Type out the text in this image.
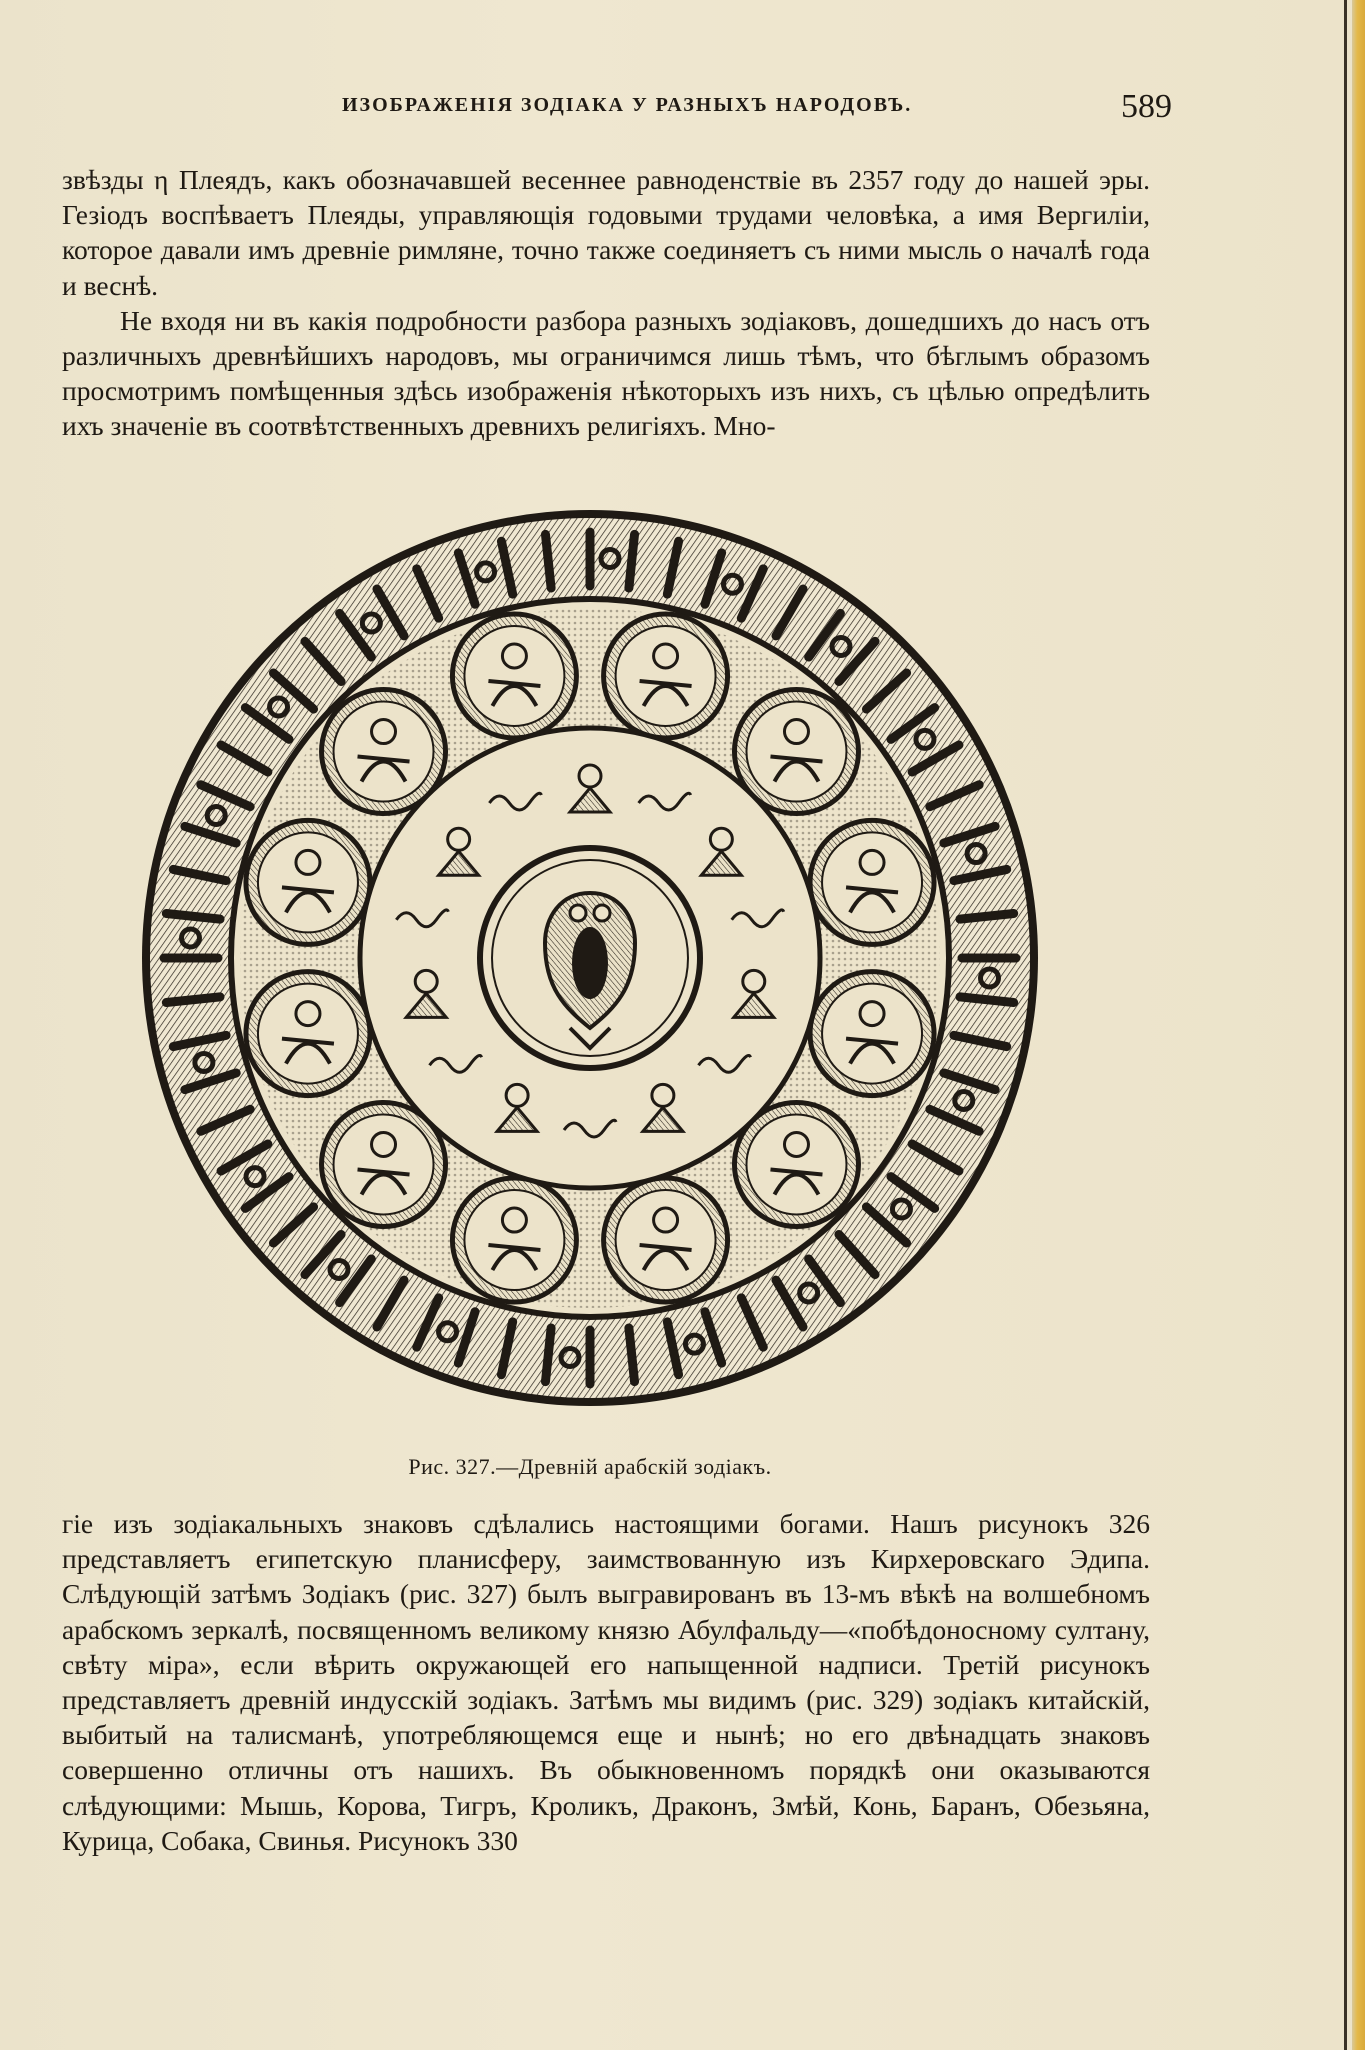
ИЗОБРАЖЕНІЯ ЗОДІАКА У РАЗНЫХЪ НАРОДОВЪ.	589

звѣзды η Плеядъ, какъ обозначавшей весеннее равноденствіе въ 2357 году до нашей эры. Гезіодъ воспѣваетъ Плеяды, управляющія годовыми трудами человѣка, а имя Вергиліи, которое давали имъ древніе римляне, точно также соединяетъ съ ними мысль о началѣ года и веснѣ.

Не входя ни въ какія подробности разбора разныхъ зодіаковъ, дошедшихъ до насъ отъ различныхъ древнѣйшихъ народовъ, мы ограничимся лишь тѣмъ, что бѣглымъ образомъ просмотримъ помѣщенныя здѣсь изображенія нѣкоторыхъ изъ нихъ, съ цѣлью опредѣлить ихъ значеніе въ соотвѣтственныхъ древнихъ религіяхъ. Мно-

Рис. 327.—Древній арабскій зодіакъ.

гіе изъ зодіакальныхъ знаковъ сдѣлались настоящими богами. Нашъ рисунокъ 326 представляетъ египетскую планисферу, заимствованную изъ Кирхеровскаго Эдипа. Слѣдующій затѣмъ Зодіакъ (рис. 327) былъ выгравированъ въ 13-мъ вѣкѣ на волшебномъ арабскомъ зеркалѣ, посвященномъ великому князю Абулфальду—«побѣдоносному султану, свѣту міра», если вѣрить окружающей его напыщенной надписи. Третій рисунокъ представляетъ древній индусскій зодіакъ. Затѣмъ мы видимъ (рис. 329) зодіакъ китайскій, выбитый на талисманѣ, употребляющемся еще и нынѣ; но его двѣнадцать знаковъ совершенно отличны отъ нашихъ. Въ обыкновенномъ порядкѣ они оказываются слѣдующими: Мышь, Корова, Тигръ, Кроликъ, Драконъ, Змѣй, Конь, Баранъ, Обезьяна, Курица, Собака, Свинья. Рисунокъ 330
